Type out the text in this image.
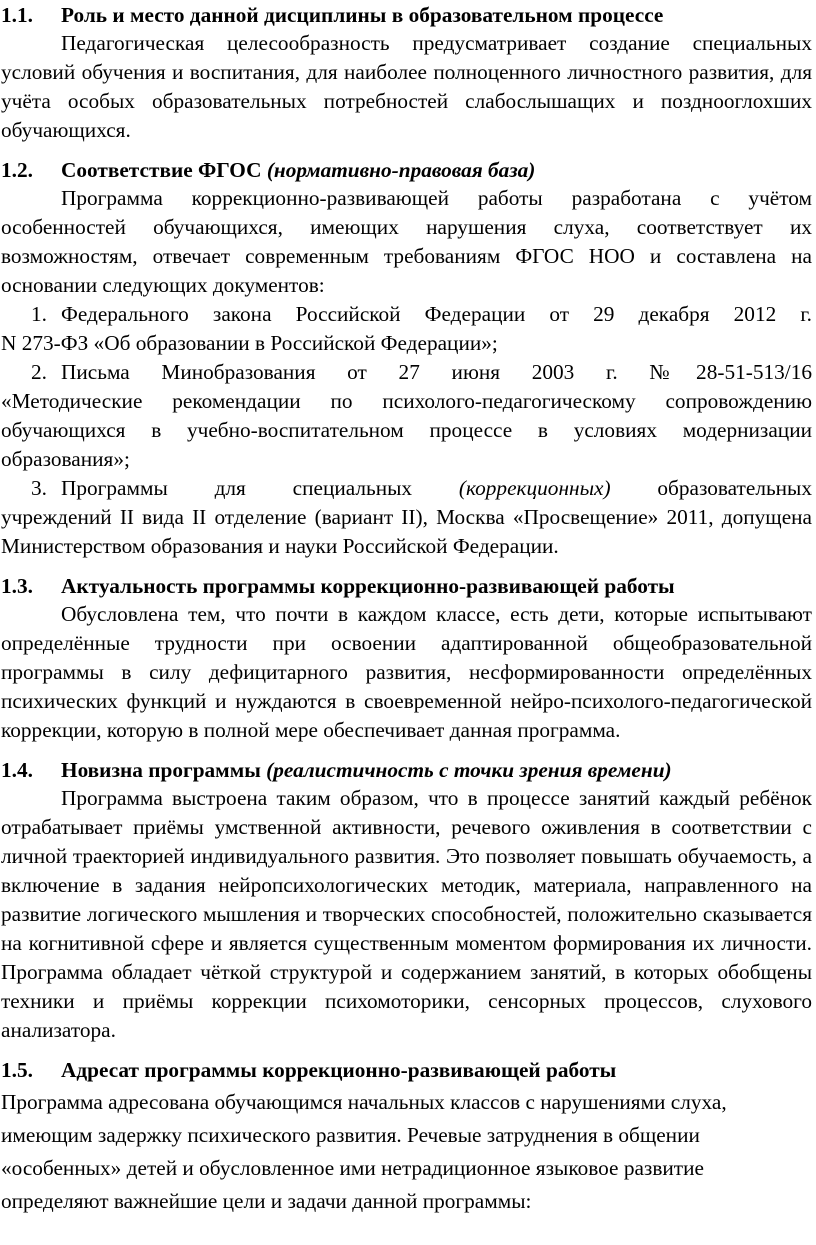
1.1. Роль и место данной дисциплины в образовательном процессе

Педагогическая целесообразность предусматривает создание специальных условий обучения и воспитания, для наиболее полноценного личностного развития, для учёта особых образовательных потребностей слабослышащих и позднооглохших обучающихся.

1.2. Соответствие ФГОС (нормативно-правовая база)

Программа коррекционно-развивающей работы разработана с учётом особенностей обучающихся, имеющих нарушения слуха, соответствует их возможностям, отвечает современным требованиям ФГОС НОО и составлена на основании следующих документов:

1. Федерального закона Российской Федерации от 29 декабря 2012 г.

N 273-ФЗ «Об образовании в Российской Федерации»;

2. Письма Минобразования от 27 июня 2003 г. №28-51-513/16

«Методические рекомендации по психолого-педагогическому сопровождению обучающихся в учебно-воспитательном процессе в условиях модернизации образования»;

3. Программы для специальных (коррекционных) образовательных

учреждений II вида II отделение (вариант II), Москва «Просвещение» 2011, допущена Министерством образования и науки Российской Федерации.

1.3. Актуальность программы коррекционно-развивающей работы

Обусловлена тем, что почти в каждом классе, есть дети, которые испытывают определённые трудности при освоении адаптированной общеобразовательной программы в силу дефицитарного развития, несформированности определённых психических функций и нуждаются в своевременной нейро-психолого-педагогической коррекции, которую в полной мере обеспечивает данная программа.

1.4. Новизна программы (реалистичность с точки зрения времени)

Программа выстроена таким образом, что в процессе занятий каждый ребёнок отрабатывает приёмы умственной активности, речевого оживления в соответствии с личной траекторией индивидуального развития. Это позволяет повышать обучаемость, а включение в задания нейропсихологических методик, материала, направленного на развитие логического мышления и творческих способностей, положительно сказывается на когнитивной сфере и является существенным моментом формирования их личности. Программа обладает чёткой структурой и содержанием занятий, в которых обобщены техники и приёмы коррекции психомоторики, сенсорных процессов, слухового анализатора.

1.5. Адресат программы коррекционно-развивающей работы

Программа адресована обучающимся начальных классов с нарушениями слуха, имеющим задержку психического развития. Речевые затруднения в общении «особенных» детей и обусловленное ими нетрадиционное языковое развитие определяют важнейшие цели и задачи данной программы:
